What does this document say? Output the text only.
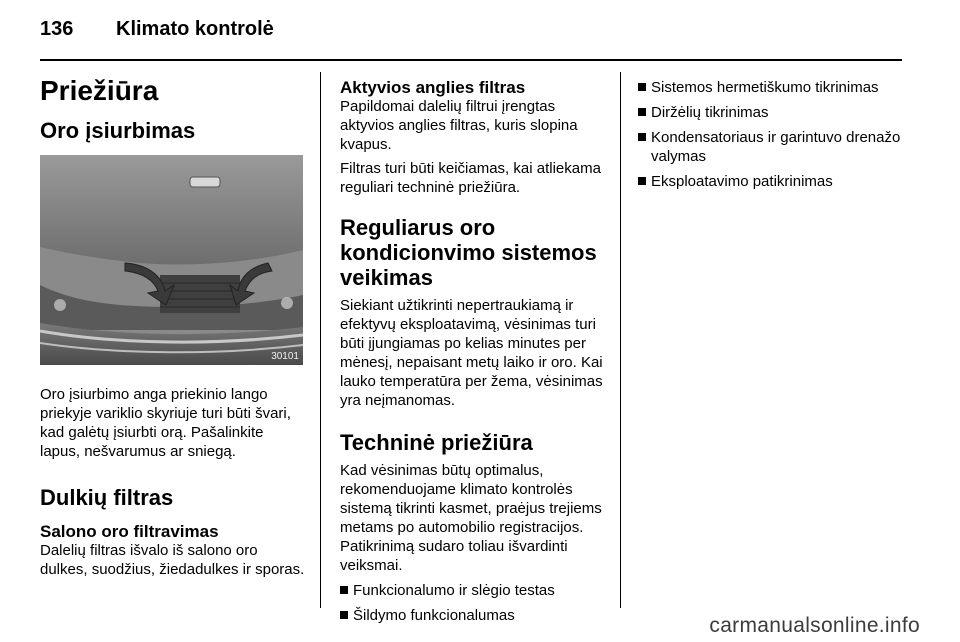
136	Klimato kontrolė
Priežiūra
Oro įsiurbimas
30101

Oro įsiurbimo anga priekinio lango priekyje variklio skyriuje turi būti švari, kad galėtų įsiurbti orą. Pašalinkite lapus, nešvarumus ar sniegą.

Dulkių filtras
Salono oro filtravimas

Dalelių filtras išvalo iš salono oro dulkes, suodžius, žiedadulkes ir sporas.

Aktyvios anglies filtras

Papildomai dalelių filtrui įrengtas aktyvios anglies filtras, kuris slopina kvapus.

Filtras turi būti keičiamas, kai atliekama reguliari techninė priežiūra.

Reguliarus oro kondicionvimo sistemos veikimas

Siekiant užtikrinti nepertraukiamą ir efektyvų eksploatavimą, vėsinimas turi būti įjungiamas po kelias minutes per mėnesį, nepaisant metų laiko ir oro. Kai lauko temperatūra per žema, vėsinimas yra neįmanomas.

Techninė priežiūra

Kad vėsinimas būtų optimalus, rekomenduojame klimato kontrolės sistemą tikrinti kasmet, praėjus trejiems metams po automobilio registracijos. Patikrinimą sudaro toliau išvardinti veiksmai.

Funkcionalumo ir slėgio testas
Šildymo funkcionalumas
Sistemos hermetiškumo tikrinimas
Diržėlių tikrinimas
Kondensatoriaus ir garintuvo drenažo valymas
Eksploatavimo patikrinimas
carmanualsonline.info
